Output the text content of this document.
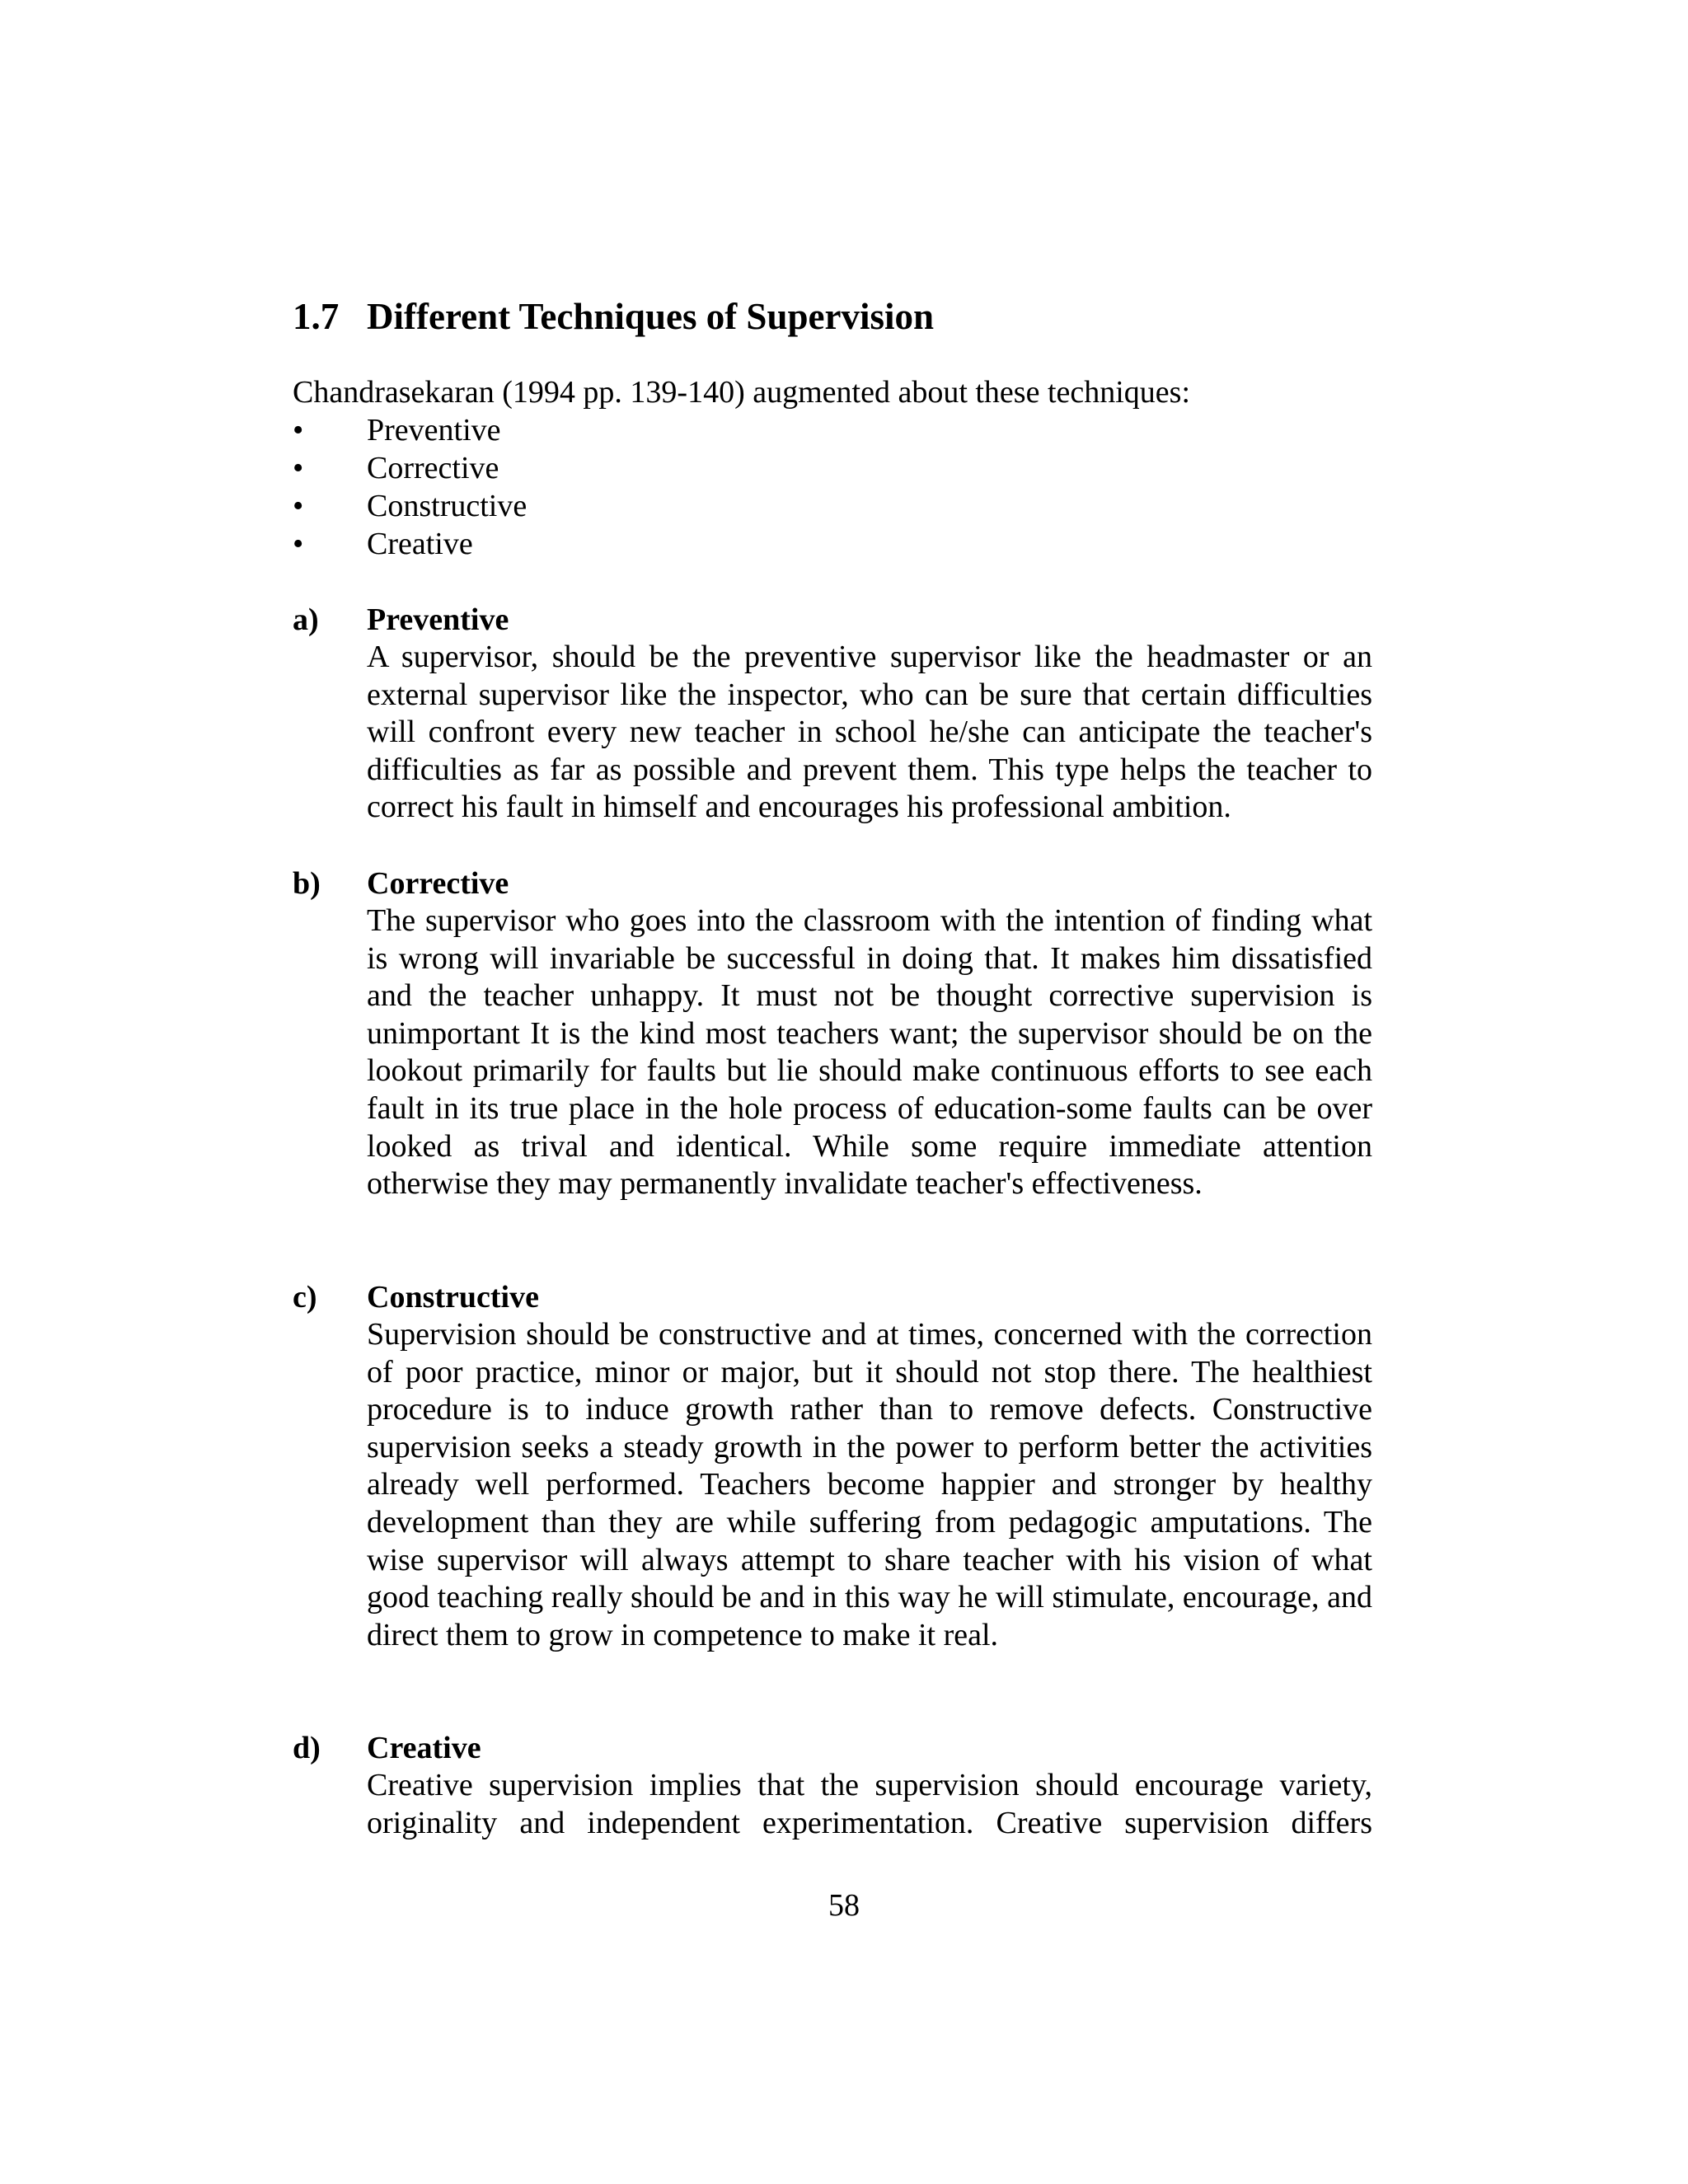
1.7 Different Techniques of Supervision

Chandrasekaran (1994 pp. 139-140) augmented about these techniques:

•	Preventive
•	Corrective
•	Constructive
•	Creative
a) Preventive

A supervisor, should be the preventive supervisor like the headmaster or an external supervisor like the inspector, who can be sure that certain difficulties will confront every new teacher in school he/she can anticipate the teacher's difficulties as far as possible and prevent them. This type helps the teacher to correct his fault in himself and encourages his professional ambition.

b) Corrective

The supervisor who goes into the classroom with the intention of finding what is wrong will invariable be successful in doing that. It makes him dissatisfied and the teacher unhappy. It must not be thought corrective supervision is unimportant It is the kind most teachers want; the supervisor should be on the lookout primarily for faults but lie should make continuous efforts to see each fault in its true place in the hole process of education-some faults can be over looked as trival and identical. While some require immediate attention otherwise they may permanently invalidate teacher's effectiveness.

c) Constructive

Supervision should be constructive and at times, concerned with the correction of poor practice, minor or major, but it should not stop there. The healthiest procedure is to induce growth rather than to remove defects. Constructive supervision seeks a steady growth in the power to perform better the activities already well performed. Teachers become happier and stronger by healthy development than they are while suffering from pedagogic amputations. The wise supervisor will always attempt to share teacher with his vision of what good teaching really should be and in this way he will stimulate, encourage, and direct them to grow in competence to make it real.

d) Creative

Creative supervision implies that the supervision should encourage variety, originality and independent experimentation. Creative supervision differs

58
